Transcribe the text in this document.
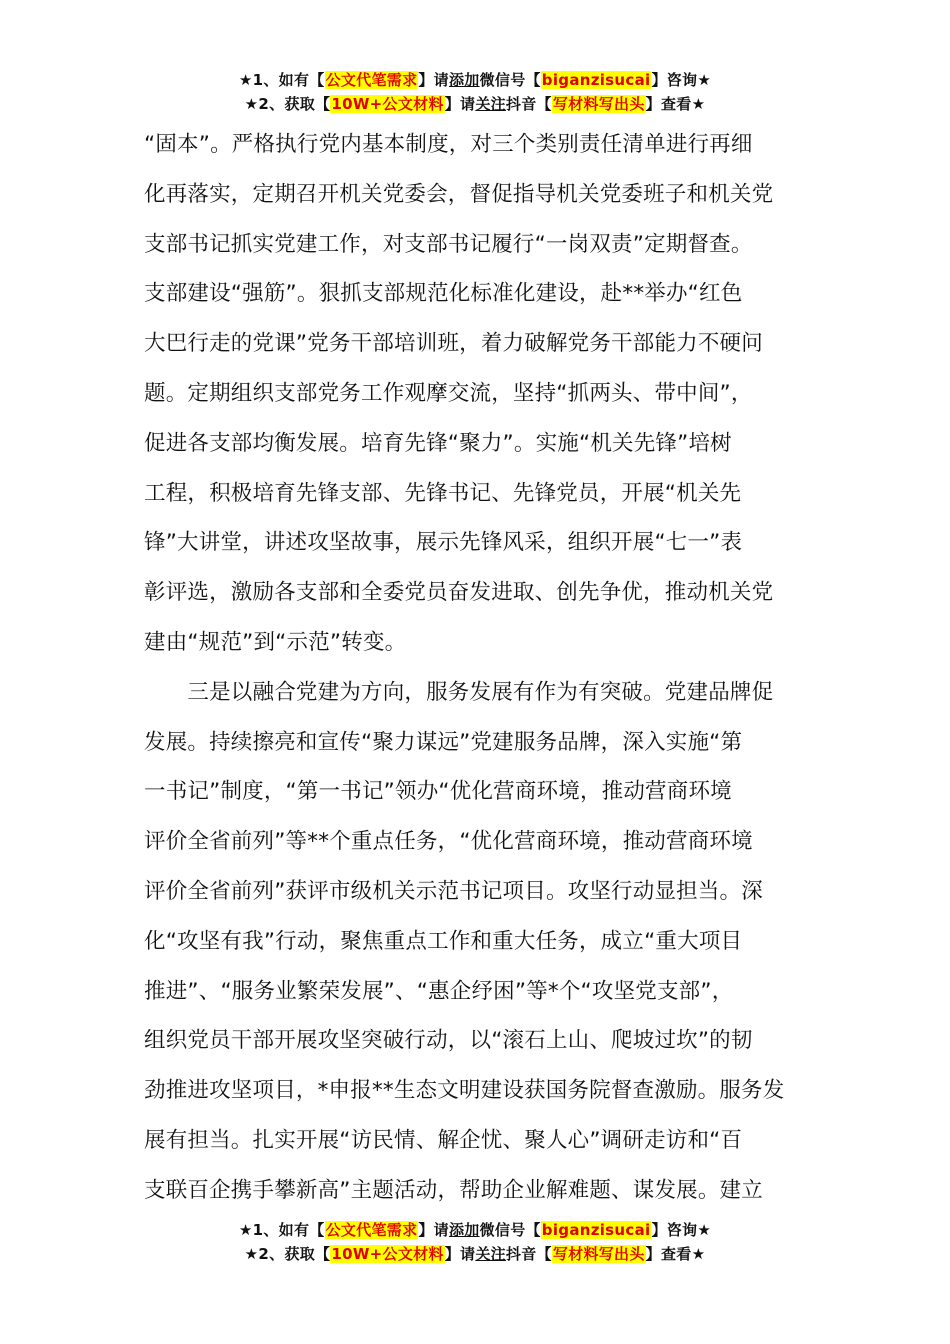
★1、如有【公文代笔需求】请添加微信号【biganzisucai】咨询★
★2、获取【10W+公文材料】请关注抖音【写材料写出头】查看★
“固本”。严格执行党内基本制度，对三个类别责任清单进行再细
化再落实，定期召开机关党委会，督促指导机关党委班子和机关党
支部书记抓实党建工作，对支部书记履行“一岗双责”定期督查。
支部建设“强筋”。狠抓支部规范化标准化建设，赴**举办“红色
大巴行走的党课”党务干部培训班，着力破解党务干部能力不硬问
题。定期组织支部党务工作观摩交流，坚持“抓两头、带中间”，
促进各支部均衡发展。培育先锋“聚力”。实施“机关先锋”培树
工程，积极培育先锋支部、先锋书记、先锋党员，开展“机关先
锋”大讲堂，讲述攻坚故事，展示先锋风采，组织开展“七一”表
彰评选，激励各支部和全委党员奋发进取、创先争优，推动机关党
建由“规范”到“示范”转变。
　　三是以融合党建为方向，服务发展有作为有突破。党建品牌促
发展。持续擦亮和宣传“聚力谋远”党建服务品牌，深入实施“第
一书记”制度，“第一书记”领办“优化营商环境，推动营商环境
评价全省前列”等**个重点任务，“优化营商环境，推动营商环境
评价全省前列”获评市级机关示范书记项目。攻坚行动显担当。深
化“攻坚有我”行动，聚焦重点工作和重大任务，成立“重大项目
推进”、“服务业繁荣发展”、“惠企纾困”等*个“攻坚党支部”，
组织党员干部开展攻坚突破行动，以“滚石上山、爬坡过坎”的韧
劲推进攻坚项目，*申报**生态文明建设获国务院督查激励。服务发
展有担当。扎实开展“访民情、解企忧、聚人心”调研走访和“百
支联百企携手攀新高”主题活动，帮助企业解难题、谋发展。建立
★1、如有【公文代笔需求】请添加微信号【biganzisucai】咨询★
★2、获取【10W+公文材料】请关注抖音【写材料写出头】查看★
